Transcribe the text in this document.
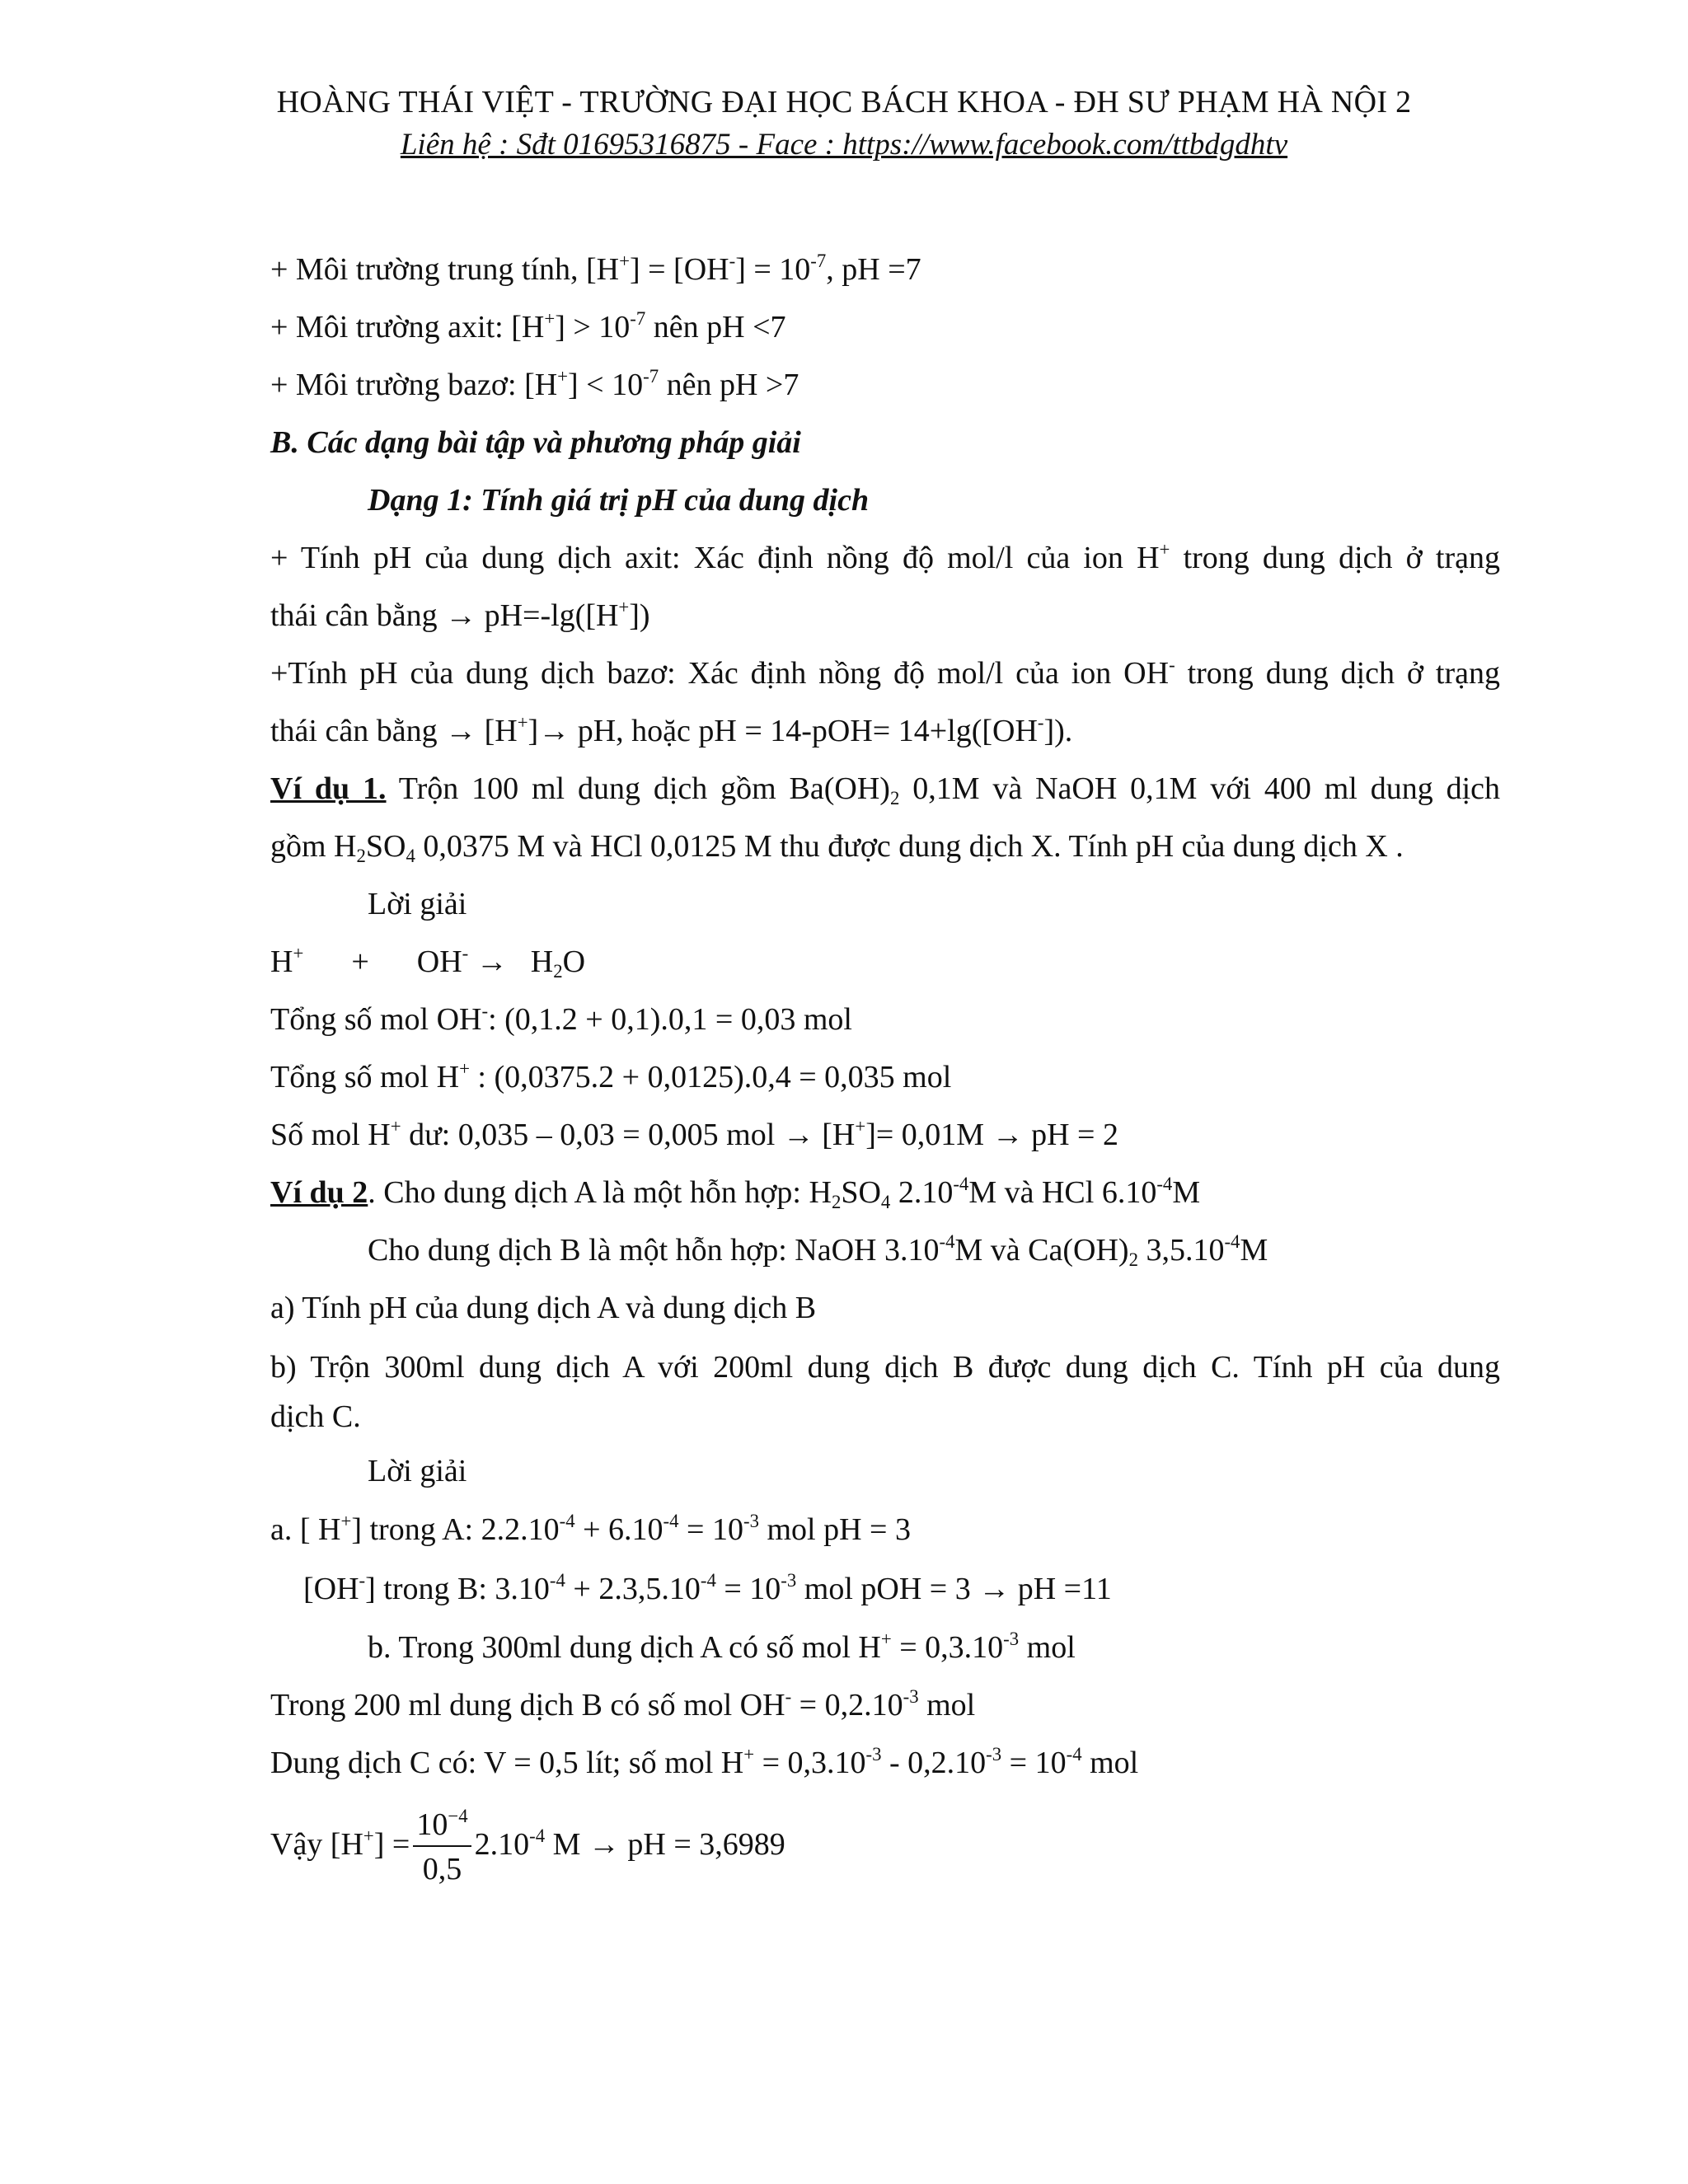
HOÀNG THÁI VIỆT - TRƯỜNG ĐẠI HỌC BÁCH KHOA - ĐH SƯ PHẠM HÀ NỘI 2
Liên hệ : Sđt 01695316875 - Face : https://www.facebook.com/ttbdgdhtv
+ Môi trường trung tính, $[H^+] = [OH^-] = 10^{-7}$, pH =7
+ Môi trường axit: $[H^+] > 10^{-7}$ nên pH <7
+ Môi trường bazơ: $[H^+] < 10^{-7}$ nên pH >7
B. Các dạng bài tập và phương pháp giải
Dạng 1: Tính giá trị pH của dung dịch
+ Tính pH của dung dịch axit: Xác định nồng độ mol/l của ion H+ trong dung dịch ở trạng
thái cân bằng → pH=-lg([H+])
+Tính pH của dung dịch bazơ: Xác định nồng độ mol/l của ion OH- trong dung dịch ở trạng
thái cân bằng → [H+]→ pH, hoặc pH = 14-pOH= 14+lg([OH-]).
Ví dụ 1. Trộn 100 ml dung dịch gồm $Ba(OH)_2$ 0,1M và NaOH 0,1M với 400 ml dung dịch
gồm $H_2SO_4$ 0,0375 M và HCl 0,0125 M thu được dung dịch X. Tính pH của dung dịch X .
Lời giải
$H^+ + OH^- \to H_2O$
Tổng số mol OH-: (0,1.2 + 0,1).0,1 = 0,03 mol
Tổng số mol H+ : (0,0375.2 + 0,0125).0,4 = 0,035 mol
Số mol H+ dư: 0,035 – 0,03 = 0,005 mol → [H+]= 0,01M → pH = 2
Ví dụ 2. Cho dung dịch A là một hỗn hợp: $H_2SO_4$ $2.10^{-4}M$ và HCl $6.10^{-4}M$
Cho dung dịch B là một hỗn hợp: NaOH $3.10^{-4}M$ và $Ca(OH)_2$ $3,5.10^{-4}M$
a) Tính pH của dung dịch A và dung dịch B
b) Trộn 300ml dung dịch A với 200ml dung dịch B được dung dịch C. Tính pH của dung
dịch C.
Lời giải
a. [ H+] trong A: $2.2.10^{-4} + 6.10^{-4} = 10^{-3}$ mol pH = 3
[OH-] trong B: $3.10^{-4} + 2.3,5.10^{-4} = 10^{-3}$ mol pOH = 3 → pH =11
b. Trong 300ml dung dịch A có số mol $H^+ = 0,3.10^{-3}$ mol
Trong 200 ml dung dịch B có số mol $OH^- = 0,2.10^{-3}$ mol
Dung dịch C có: V = 0,5 lít; số mol $H^+ = 0,3.10^{-3} - 0,2.10^{-3} = 10^{-4}$ mol
Vậy $[H^+] = \frac{10^{-4}}{0,5} 2.10^{-4}$ M → pH = 3,6989
